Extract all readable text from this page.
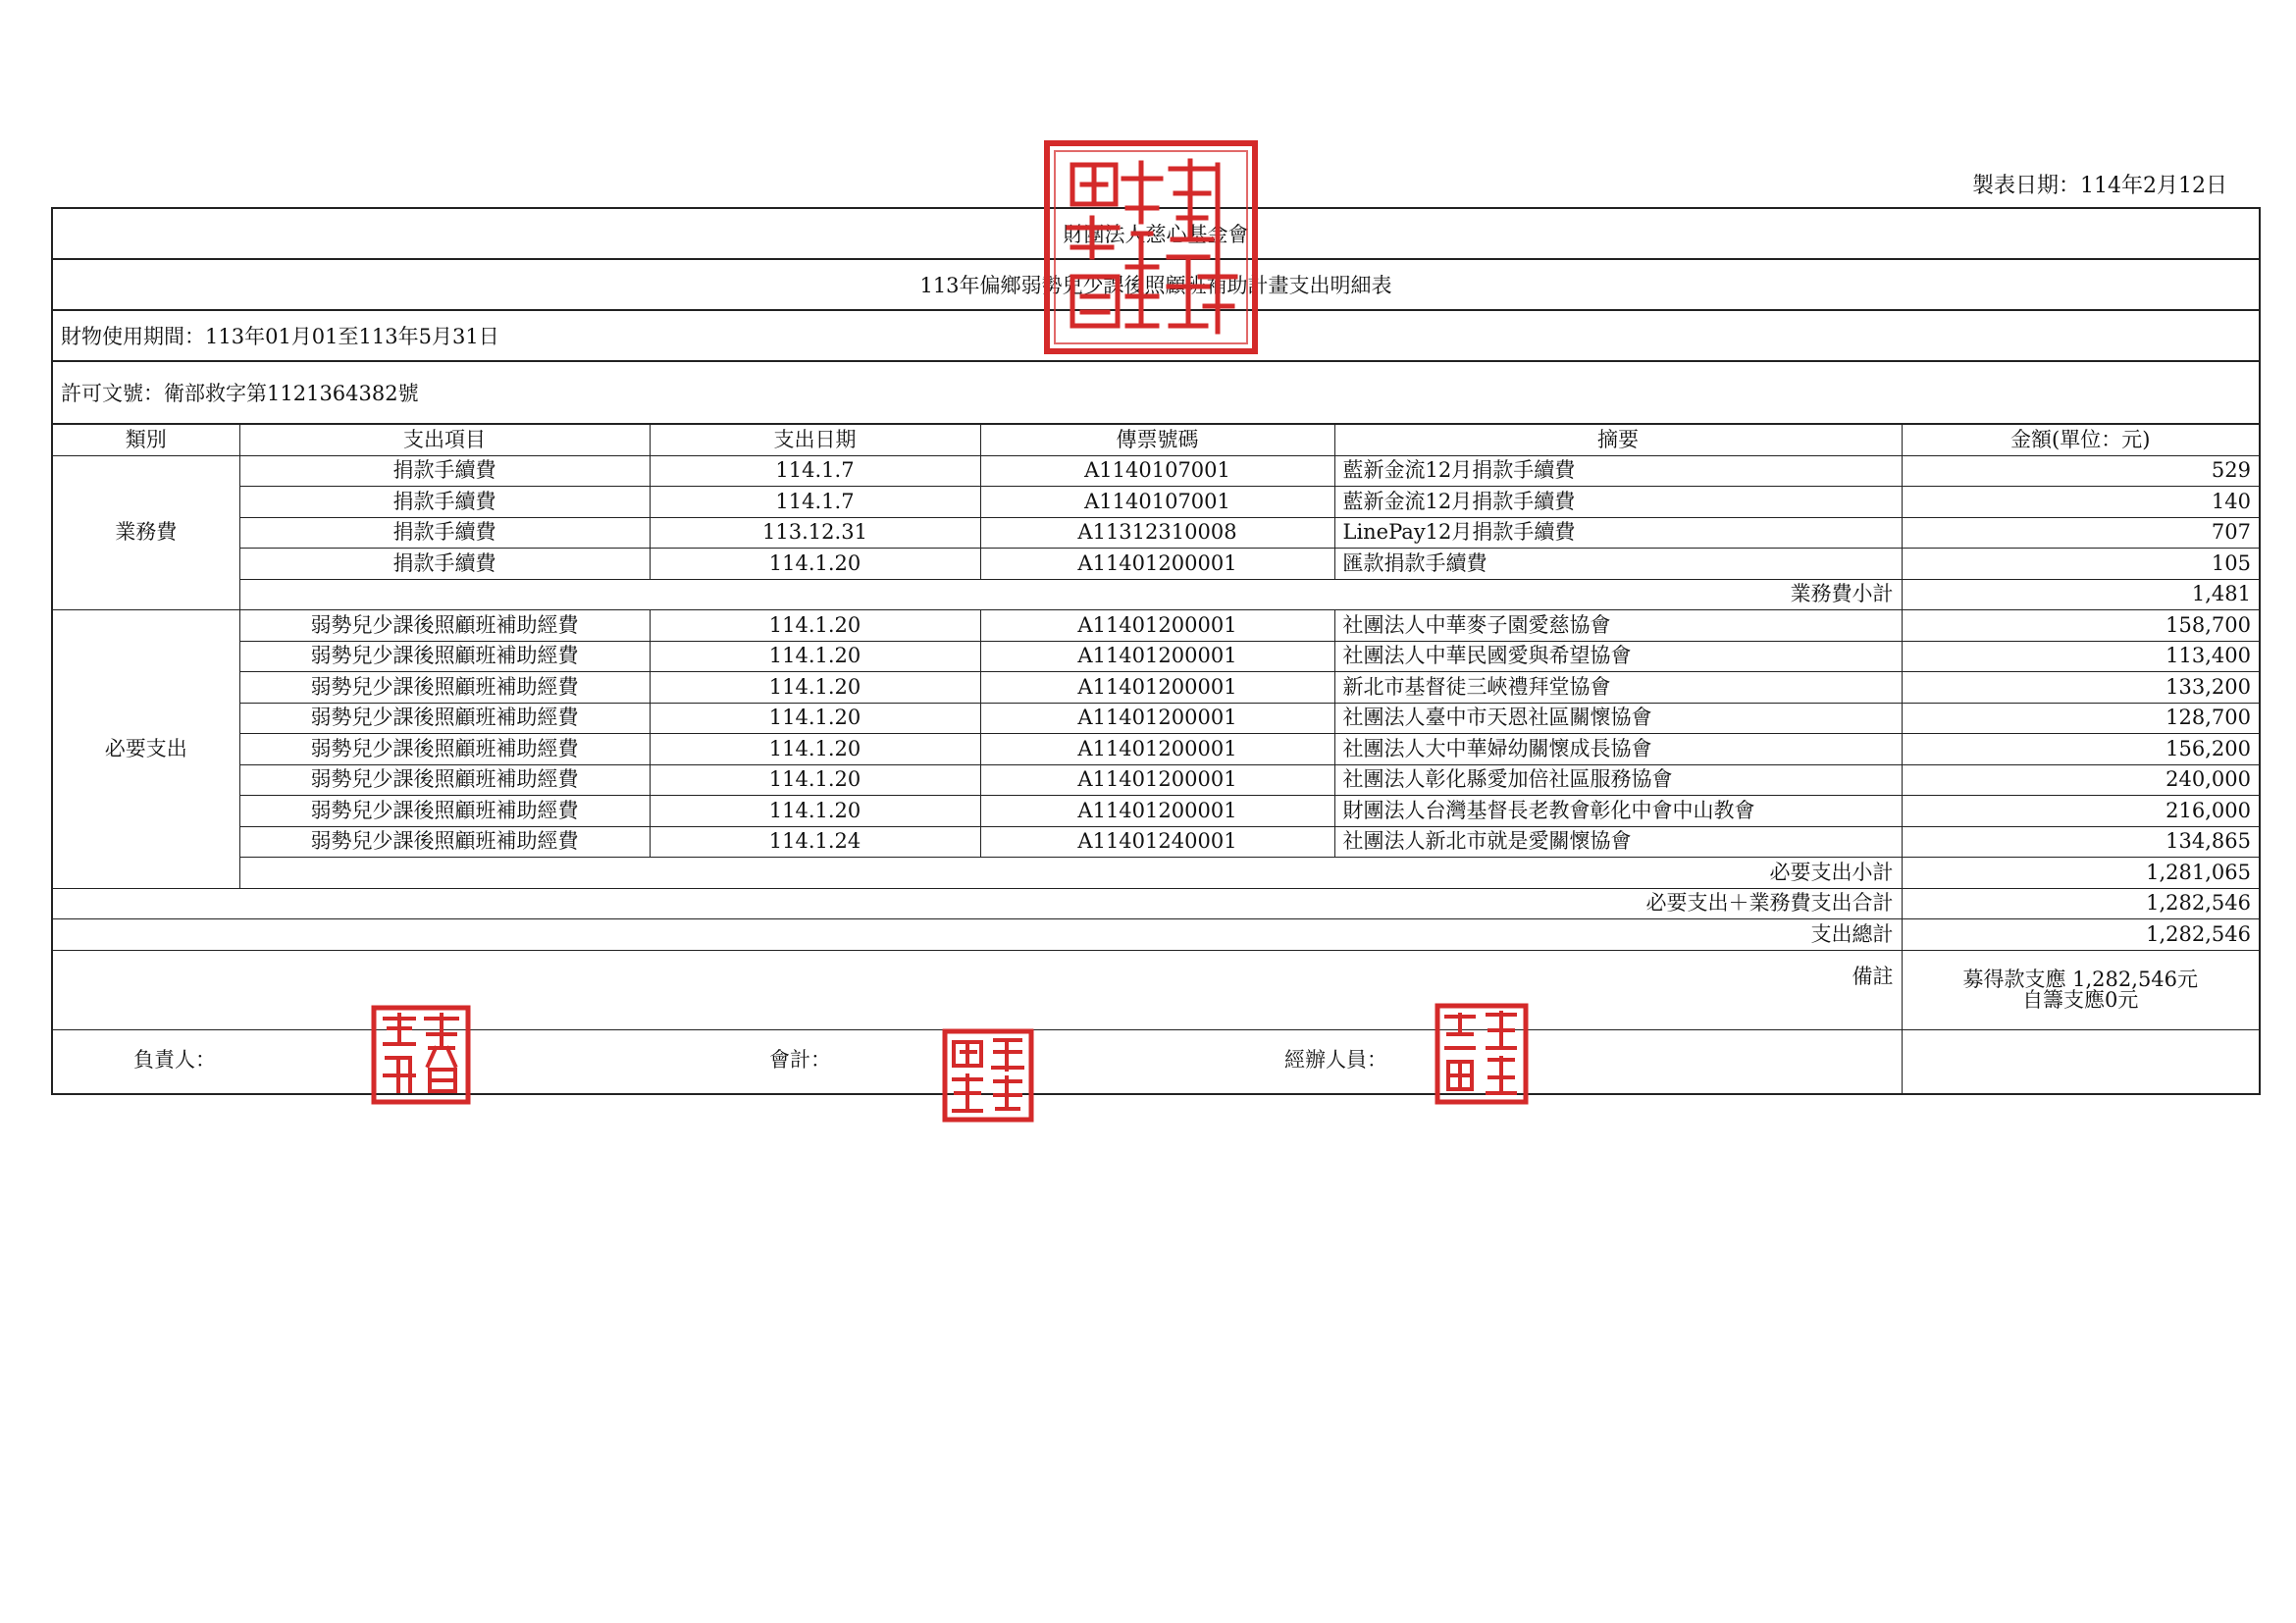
製表日期：114年2月12日
財團法人慈心基金會
113年偏鄉弱勢兒少課後照顧班補助計畫支出明細表
財物使用期間：113年01月01至113年5月31日
許可文號：衛部救字第1121364382號
類別	支出項目	支出日期	傳票號碼	摘要	金額(單位：元)
業務費	捐款手續費	114.1.7	A1140107001	藍新金流12月捐款手續費	529
	捐款手續費	114.1.7	A1140107001	藍新金流12月捐款手續費	140
	捐款手續費	113.12.31	A11312310008	LinePay12月捐款手續費	707
	捐款手續費	114.1.20	A11401200001	匯款捐款手續費	105
	業務費小計				1,481
必要支出	弱勢兒少課後照顧班補助經費	114.1.20	A11401200001	社團法人中華麥子園愛慈協會	158,700
	弱勢兒少課後照顧班補助經費	114.1.20	A11401200001	社團法人中華民國愛與希望協會	113,400
	弱勢兒少課後照顧班補助經費	114.1.20	A11401200001	新北市基督徒三峽禮拜堂協會	133,200
	弱勢兒少課後照顧班補助經費	114.1.20	A11401200001	社團法人臺中市天恩社區關懷協會	128,700
	弱勢兒少課後照顧班補助經費	114.1.20	A11401200001	社團法人大中華婦幼關懷成長協會	156,200
	弱勢兒少課後照顧班補助經費	114.1.20	A11401200001	社團法人彰化縣愛加倍社區服務協會	240,000
	弱勢兒少課後照顧班補助經費	114.1.20	A11401200001	財團法人台灣基督長老教會彰化中會中山教會	216,000
	弱勢兒少課後照顧班補助經費	114.1.24	A11401240001	社團法人新北市就是愛關懷協會	134,865
	必要支出小計				1,281,065
必要支出＋業務費支出合計					1,282,546
支出總計					1,282,546
備註					募得款支應 1,282,546元
自籌支應0元

負責人： 會計： 經辦人員：					
